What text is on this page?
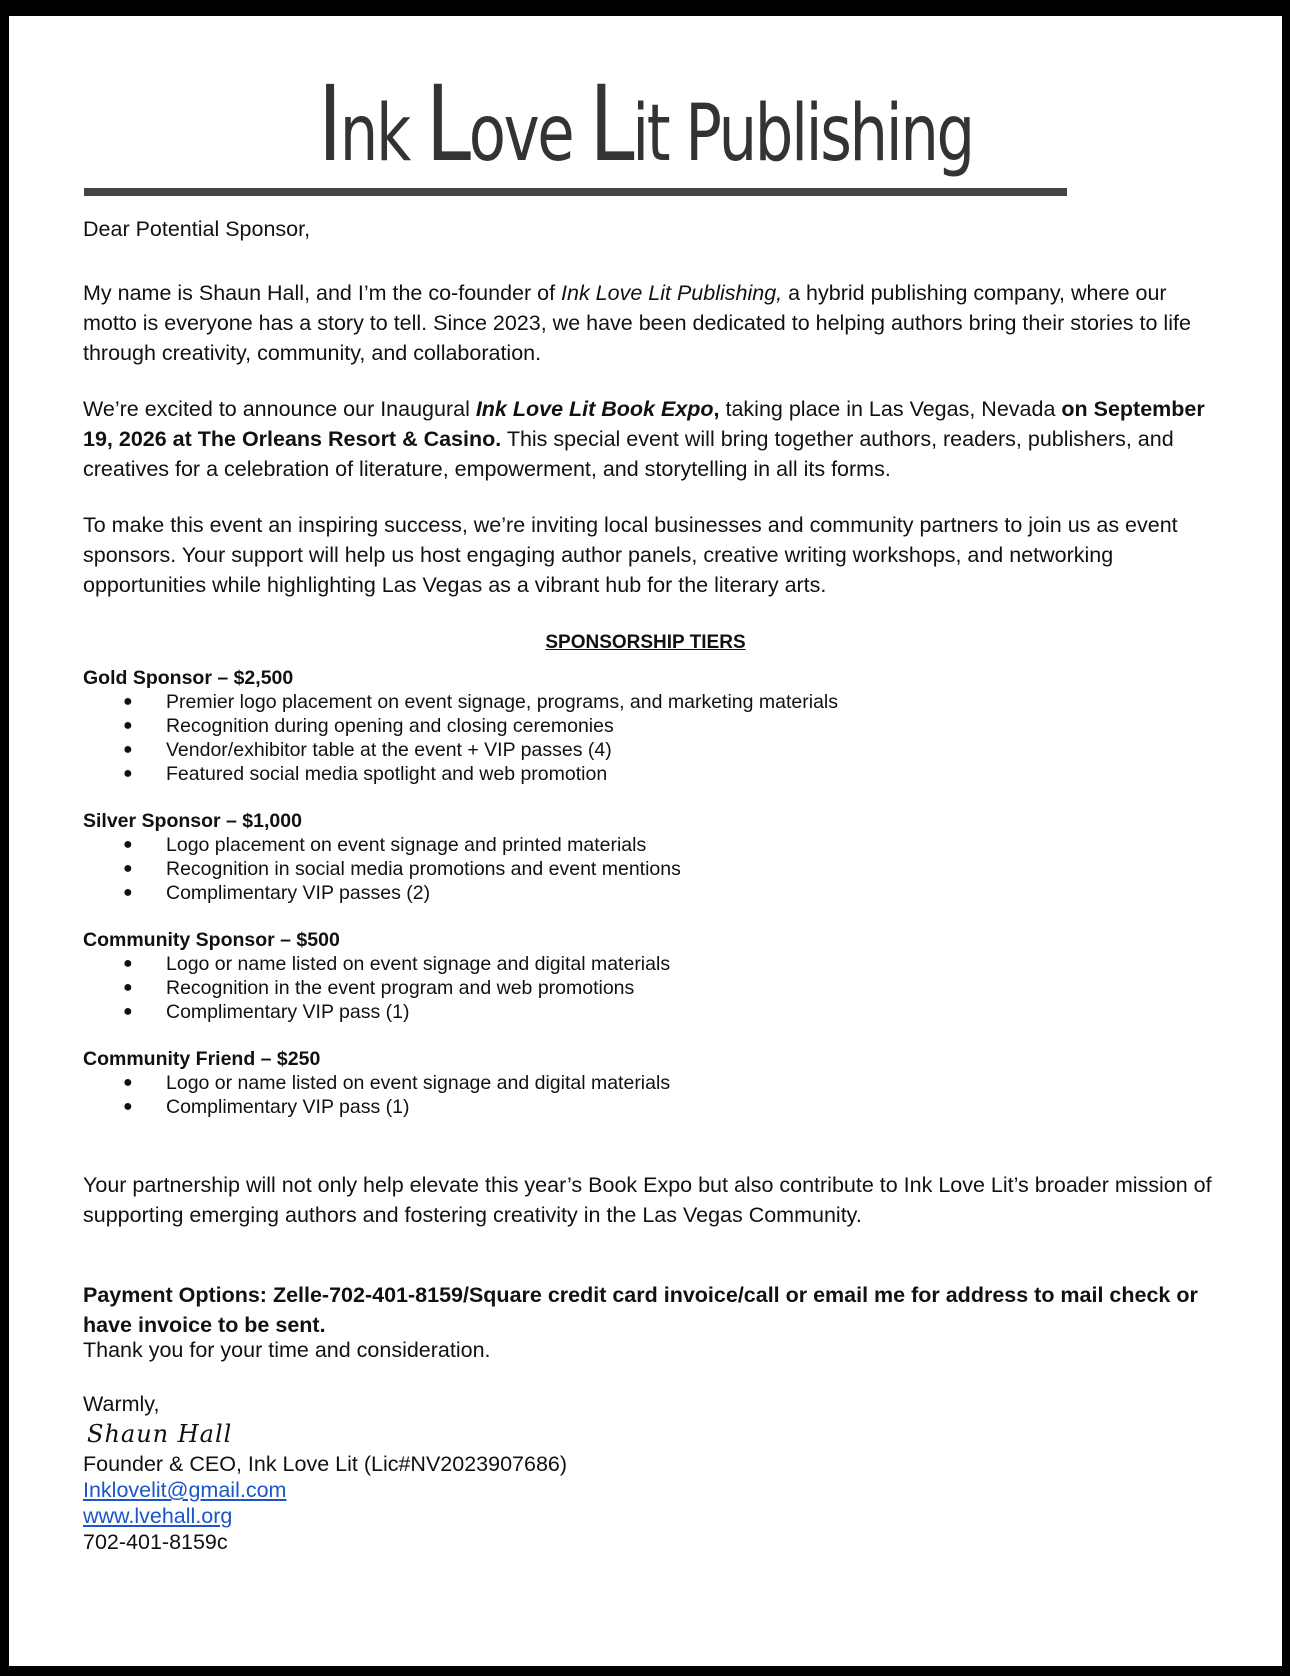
Ink Love Lit Publishing
Dear Potential Sponsor,
My name is Shaun Hall, and I’m the co-founder of Ink Love Lit Publishing, a hybrid publishing company, where our motto is everyone has a story to tell. Since 2023, we have been dedicated to helping authors bring their stories to life through creativity, community, and collaboration.
We’re excited to announce our Inaugural Ink Love Lit Book Expo, taking place in Las Vegas, Nevada on September 19, 2026 at The Orleans Resort & Casino. This special event will bring together authors, readers, publishers, and creatives for a celebration of literature, empowerment, and storytelling in all its forms.
To make this event an inspiring success, we’re inviting local businesses and community partners to join us as event sponsors. Your support will help us host engaging author panels, creative writing workshops, and networking opportunities while highlighting Las Vegas as a vibrant hub for the literary arts.
SPONSORSHIP TIERS
Gold Sponsor – $2,500
● Premier logo placement on event signage, programs, and marketing materials
● Recognition during opening and closing ceremonies
● Vendor/exhibitor table at the event + VIP passes (4)
● Featured social media spotlight and web promotion
Silver Sponsor – $1,000
● Logo placement on event signage and printed materials
● Recognition in social media promotions and event mentions
● Complimentary VIP passes (2)
Community Sponsor – $500
● Logo or name listed on event signage and digital materials
● Recognition in the event program and web promotions
● Complimentary VIP pass (1)
Community Friend – $250
● Logo or name listed on event signage and digital materials
● Complimentary VIP pass (1)
Your partnership will not only help elevate this year’s Book Expo but also contribute to Ink Love Lit’s broader mission of supporting emerging authors and fostering creativity in the Las Vegas Community.
Payment Options: Zelle-702-401-8159/Square credit card invoice/call or email me for address to mail check or have invoice to be sent.
Thank you for your time and consideration.
Warmly,
Shaun Hall
Founder & CEO, Ink Love Lit (Lic#NV2023907686)
Inklovelit@gmail.com
www.lvehall.org
702-401-8159c
